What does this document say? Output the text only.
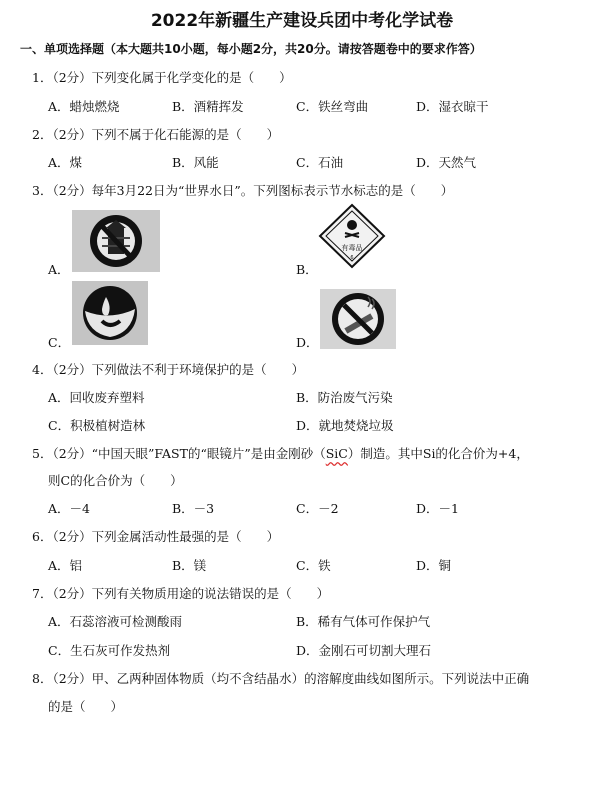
2022年新疆生产建设兵团中考化学试卷
一、单项选择题（本大题共10小题，每小题2分，共20分。请按答题卷中的要求作答）
1．（2分）下列变化属于化学变化的是（　　）
A．蜡烛燃烧	B．酒精挥发	C．铁丝弯曲	D．湿衣晾干
2．（2分）下列不属于化石能源的是（　　）
A．煤	B．风能	C．石油	D．天然气
3．（2分）每年3月22日为“世界水日”。下列图标表示节水标志的是（　　）
A．	B．
有毒品
6
C．	D．
4．（2分）下列做法不利于环境保护的是（　　）
A．回收废弃塑料	B．防治废气污染
C．积极植树造林	D．就地焚烧垃圾
5．（2分）“中国天眼”FAST的“眼镜片”是由金刚砂（SiC）制造。其中Si的化合价为+4，
则C的化合价为（　　）
A．－4	B．－3	C．－2	D．－1
6．（2分）下列金属活动性最强的是（　　）
A．铝	B．镁	C．铁	D．铜
7．（2分）下列有关物质用途的说法错误的是（　　）
A．石蕊溶液可检测酸雨	B．稀有气体可作保护气
C．生石灰可作发热剂	D．金刚石可切割大理石
8．（2分）甲、乙两种固体物质（均不含结晶水）的溶解度曲线如图所示。下列说法中正确
的是（　　）
